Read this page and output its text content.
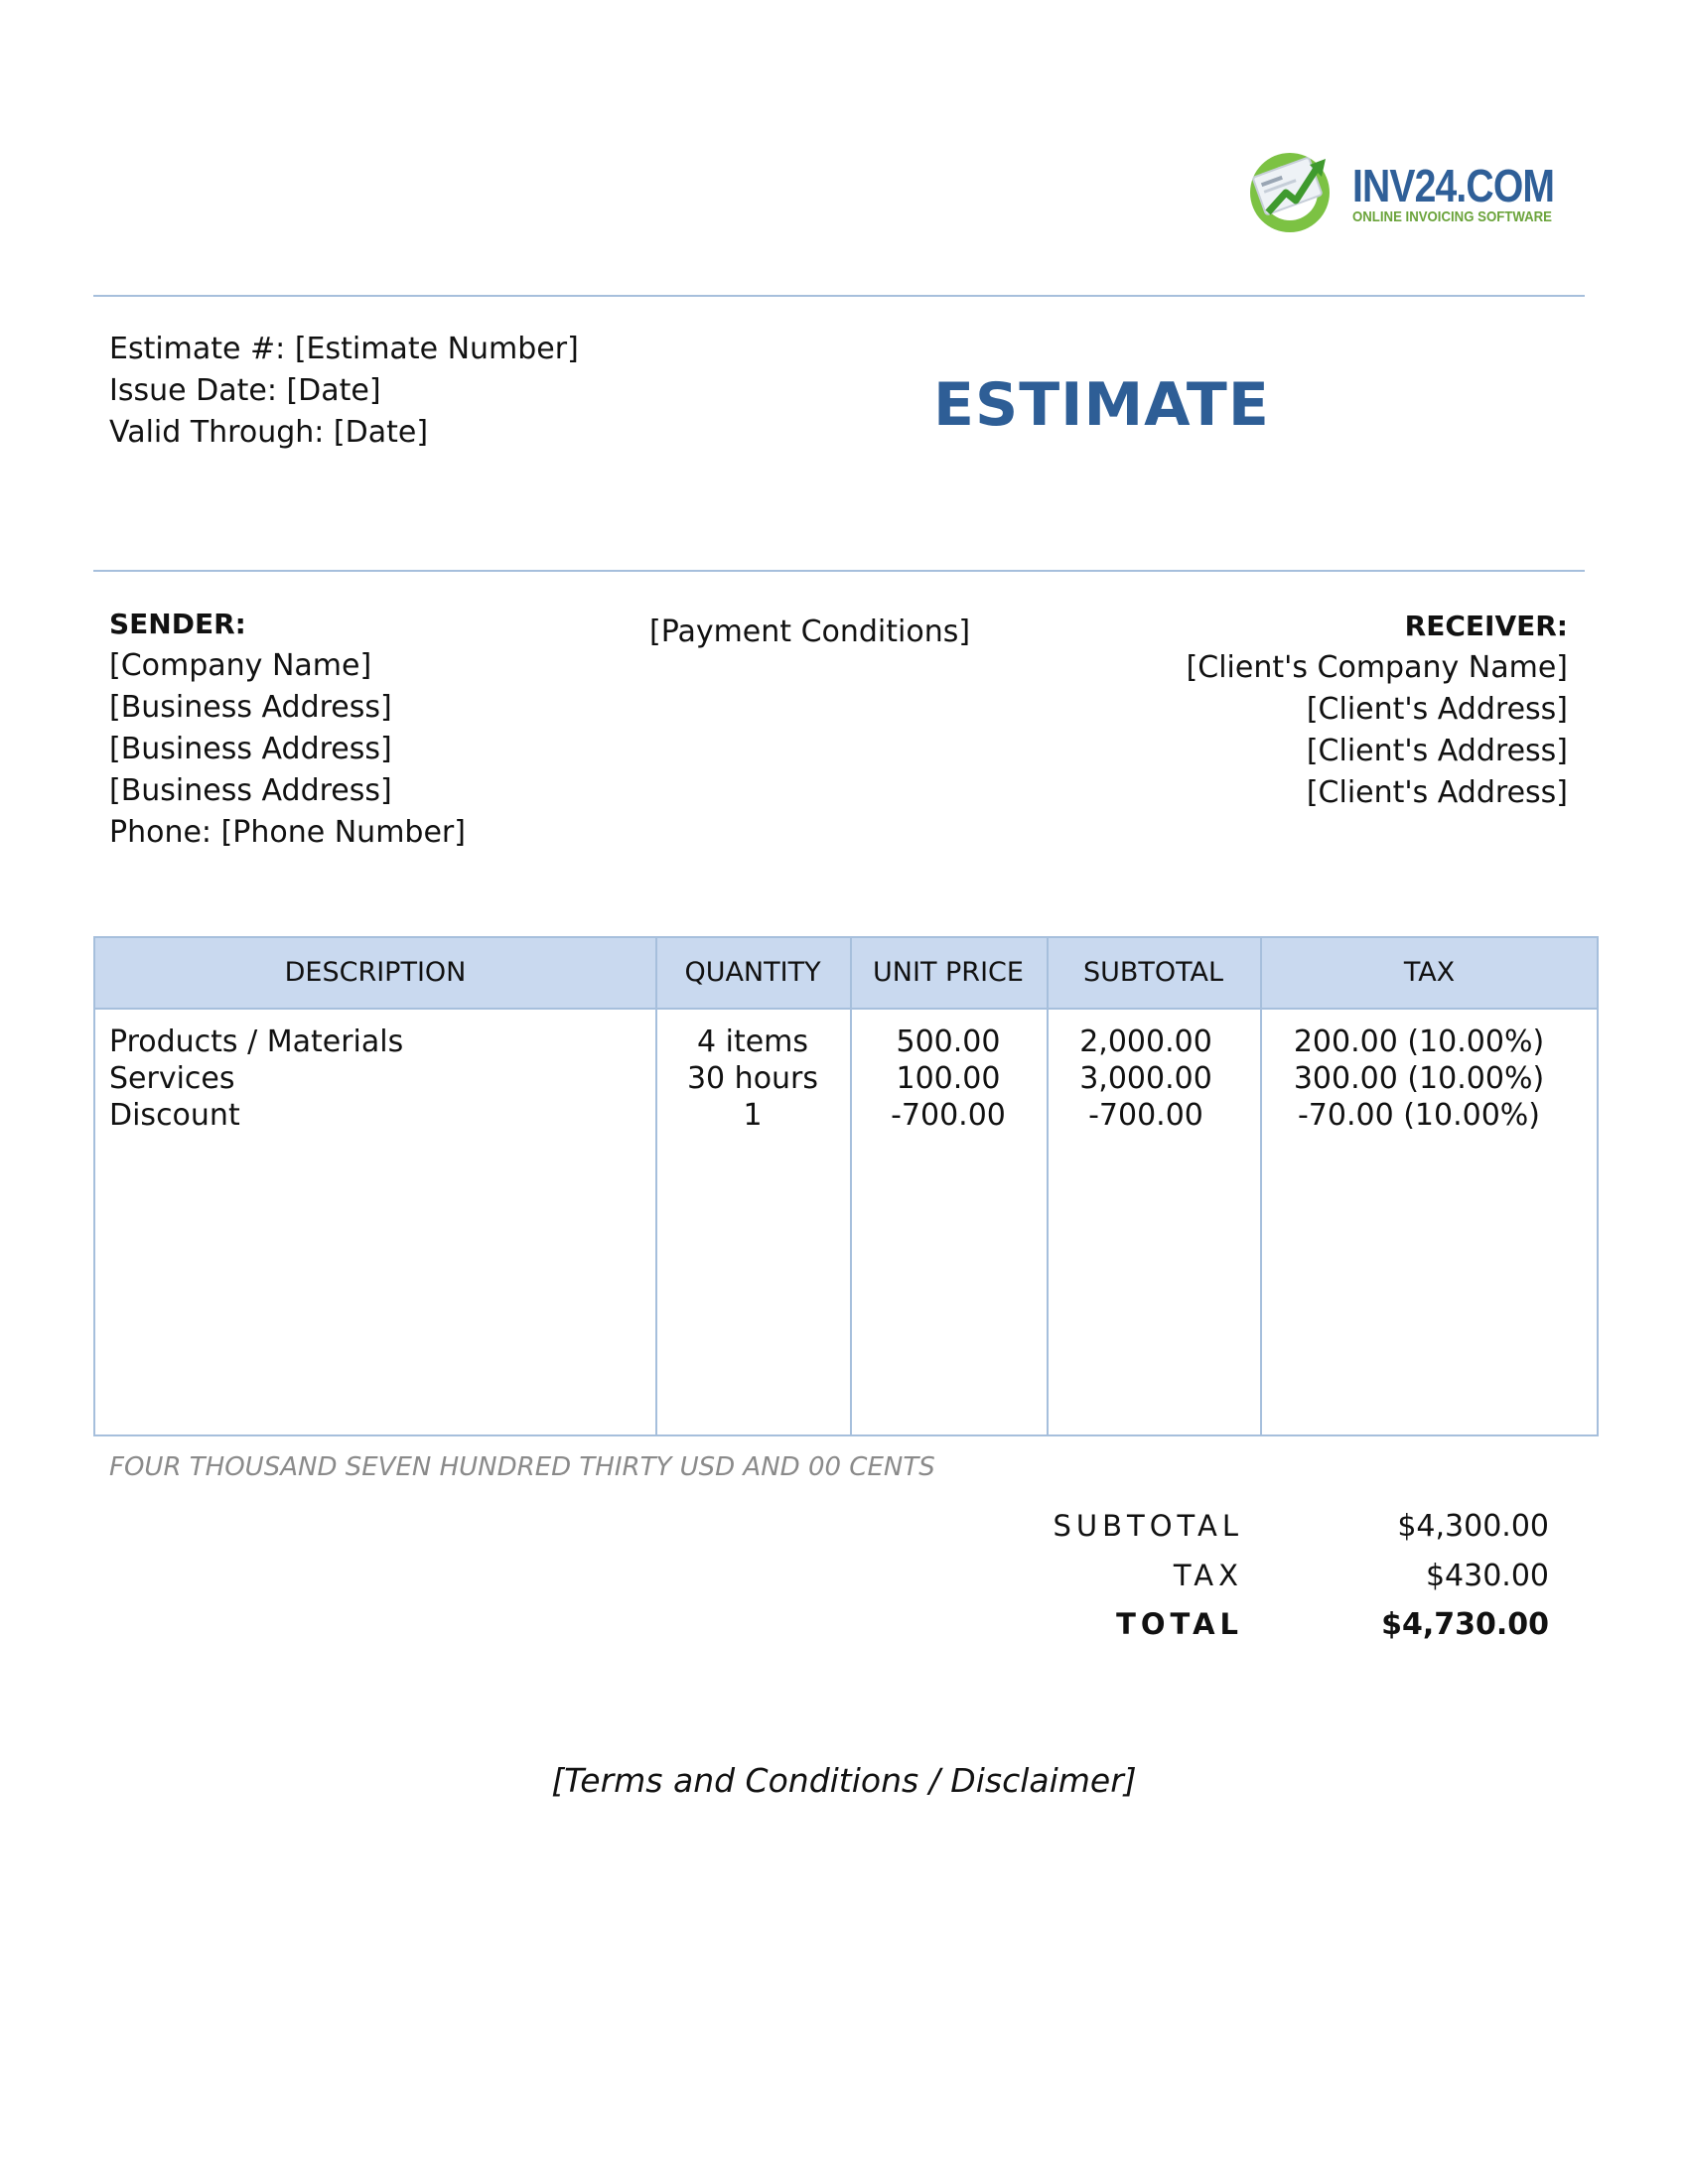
INV24.COM
ONLINE INVOICING SOFTWARE
Estimate #: [Estimate Number]
Issue Date: [Date]
Valid Through: [Date]	ESTIMATE
SENDER:
[Company Name]
[Business Address]
[Business Address]
[Business Address]
Phone: [Phone Number]
[Payment Conditions]	RECEIVER:
[Client's Company Name]
[Client's Address]
[Client's Address]
[Client's Address]
DESCRIPTION	QUANTITY	UNIT PRICE	SUBTOTAL	TAX
Products / Materials	4 items	500.00	2,000.00	200.00 (10.00%)
Services	30 hours	100.00	3,000.00	300.00 (10.00%)
Discount	1	-700.00	-700.00	-70.00 (10.00%)
FOUR THOUSAND SEVEN HUNDRED THIRTY USD AND 00 CENTS
SUBTOTAL	$4,300.00
TAX	$430.00
TOTAL	$4,730.00
[Terms and Conditions / Disclaimer]
